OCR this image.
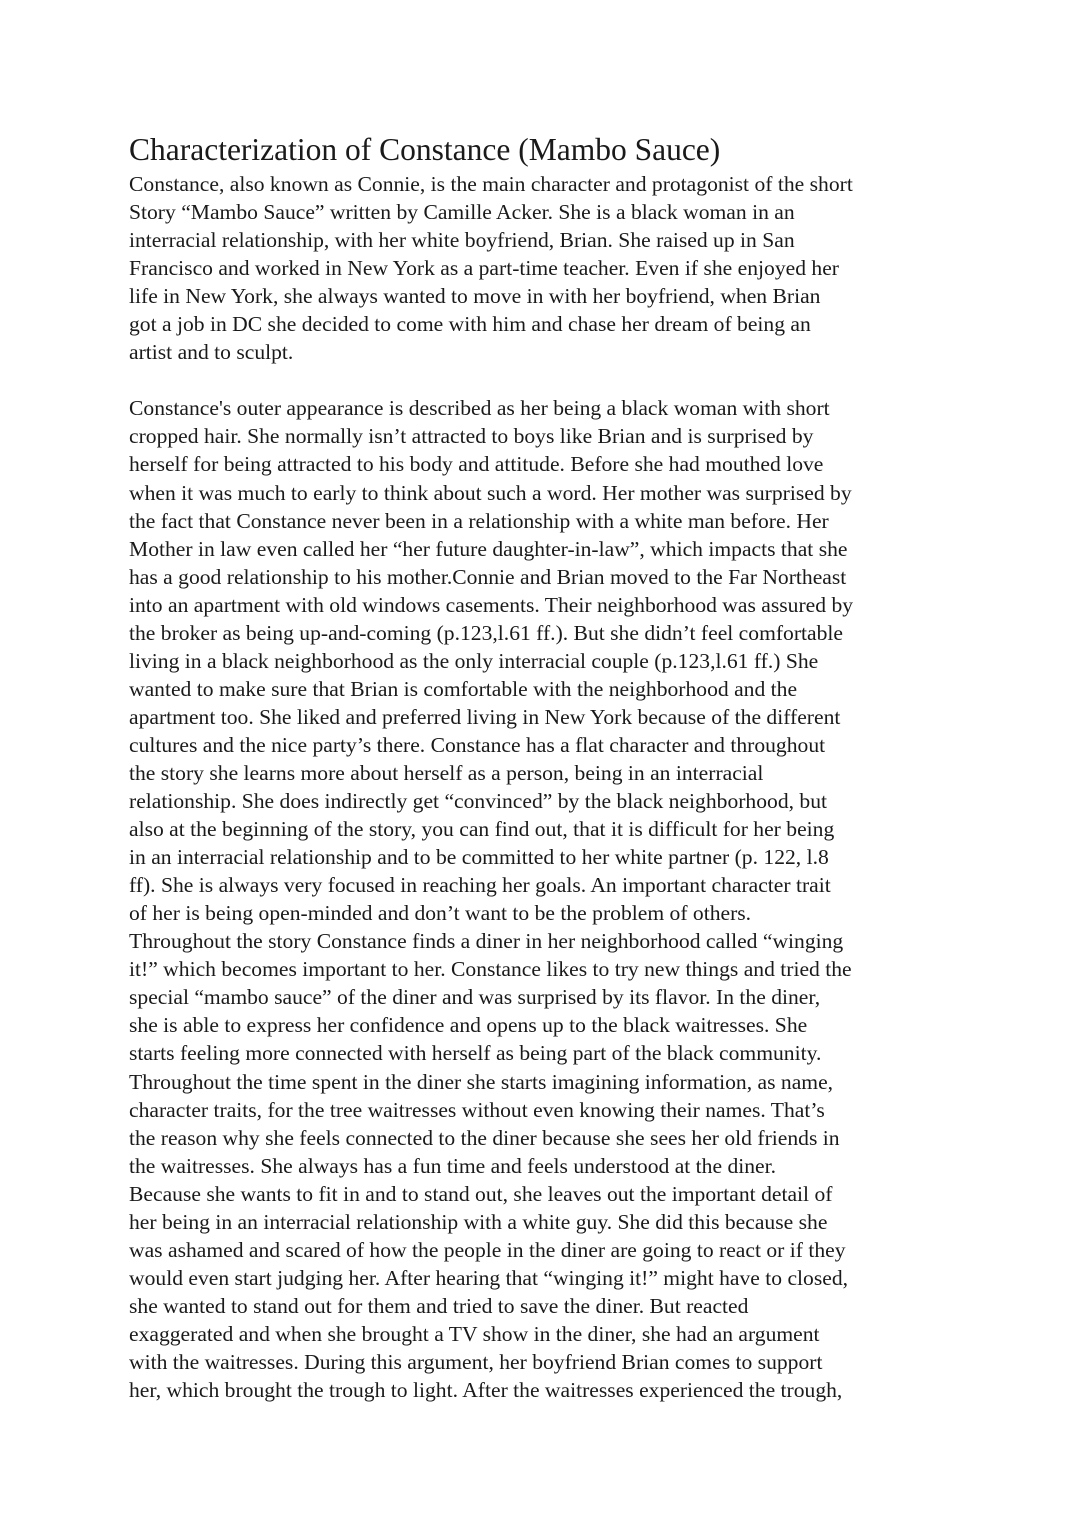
Characterization of Constance (Mambo Sauce)
Constance, also known as Connie, is the main character and protagonist of the short
Story “Mambo Sauce” written by Camille Acker. She is a black woman in an
interracial relationship, with her white boyfriend, Brian. She raised up in San
Francisco and worked in New York as a part-time teacher. Even if she enjoyed her
life in New York, she always wanted to move in with her boyfriend, when Brian
got a job in DC she decided to come with him and chase her dream of being an
artist and to sculpt.
Constance's outer appearance is described as her being a black woman with short
cropped hair. She normally isn’t attracted to boys like Brian and is surprised by
herself for being attracted to his body and attitude. Before she had mouthed love
when it was much to early to think about such a word. Her mother was surprised by
the fact that Constance never been in a relationship with a white man before. Her
Mother in law even called her “her future daughter-in-law”, which impacts that she
has a good relationship to his mother.Connie and Brian moved to the Far Northeast
into an apartment with old windows casements. Their neighborhood was assured by
the broker as being up-and-coming (p.123,l.61 ff.). But she didn’t feel comfortable
living in a black neighborhood as the only interracial couple (p.123,l.61 ff.) She
wanted to make sure that Brian is comfortable with the neighborhood and the
apartment too. She liked and preferred living in New York because of the different
cultures and the nice party’s there. Constance has a flat character and throughout
the story she learns more about herself as a person, being in an interracial
relationship. She does indirectly get “convinced” by the black neighborhood, but
also at the beginning of the story, you can find out, that it is difficult for her being
in an interracial relationship and to be committed to her white partner (p. 122, l.8
ff). She is always very focused in reaching her goals. An important character trait
of her is being open-minded and don’t want to be the problem of others.
Throughout the story Constance finds a diner in her neighborhood called “winging
it!” which becomes important to her. Constance likes to try new things and tried the
special “mambo sauce” of the diner and was surprised by its flavor. In the diner,
she is able to express her confidence and opens up to the black waitresses. She
starts feeling more connected with herself as being part of the black community.
Throughout the time spent in the diner she starts imagining information, as name,
character traits, for the tree waitresses without even knowing their names. That’s
the reason why she feels connected to the diner because she sees her old friends in
the waitresses. She always has a fun time and feels understood at the diner.
Because she wants to fit in and to stand out, she leaves out the important detail of
her being in an interracial relationship with a white guy. She did this because she
was ashamed and scared of how the people in the diner are going to react or if they
would even start judging her. After hearing that “winging it!” might have to closed,
she wanted to stand out for them and tried to save the diner. But reacted
exaggerated and when she brought a TV show in the diner, she had an argument
with the waitresses. During this argument, her boyfriend Brian comes to support
her, which brought the trough to light. After the waitresses experienced the trough,
